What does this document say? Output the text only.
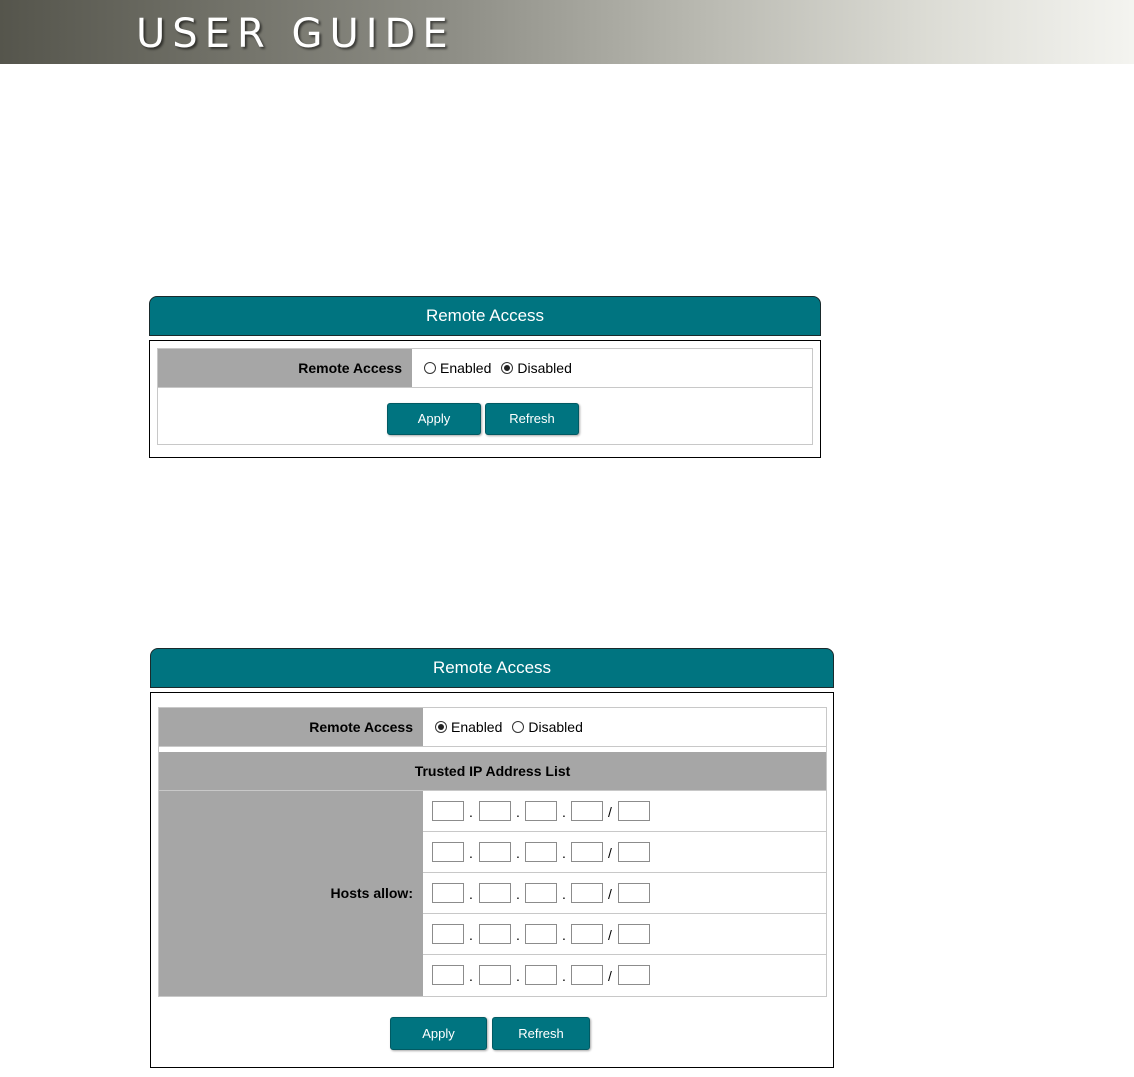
USER GUIDE
Remote Access
Remote Access	Enabled Disabled
Apply	Refresh
Remote Access
Remote Access	Enabled Disabled
Trusted IP Address List
Hosts allow:
.	.	.	/
.	.	.	/
.	.	.	/
.	.	.	/
.	.	.	/
Apply	Refresh
